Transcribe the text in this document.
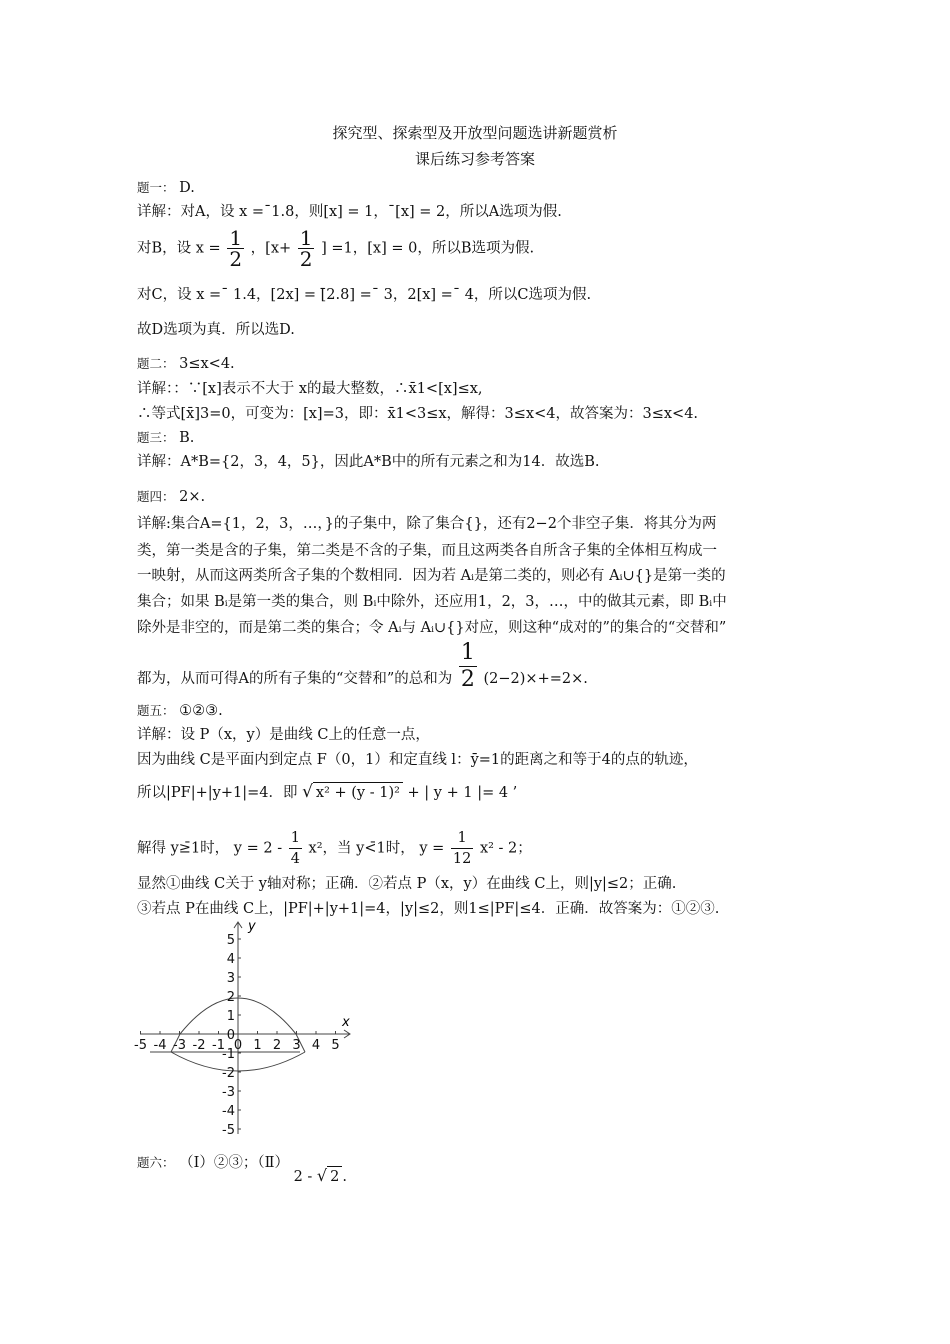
探究型、探索型及开放型问题选讲新题赏析
课后练习参考答案
题一： D.
详解：对A，设 x =¯1.8，则[x] = 1，¯[x] = 2，所以A选项为假.
对B，设 $x = \frac{1}{2}$ ，[$x+ \frac{1}{2}$ ] =1，[x] = 0，所以B选项为假.
对C，设 x =¯ 1.4，[2x] = [̄2.8] =¯ 3，2[x] =¯ 4，所以C选项为假.
故D选项为真．所以选D.
题二： 3≤x<4.
详解：：∵[x]表示不大于 x的最大整数，∴x̄1<[x]≤x,
∴等式[x̄]3=0，可变为：[x]=3，即：x̄1<3≤x，解得：3≤x<4，故答案为：3≤x<4.
题三： B.
详解：A*B={2，3，4，5}，因此A*B中的所有元素之和为14．故选B.
题四： 2×.
详解:集合A={1，2，3，…，}的子集中，除了集合{}，还有2−2个非空子集．将其分为两
类，第一类是含的子集，第二类是不含的子集，而且这两类各自所含子集的全体相互构成一
一映射，从而这两类所含子集的个数相同．因为若 Aᵢ是第二类的，则必有 Aᵢ∪{}是第一类的
集合；如果 Bᵢ是第一类的集合，则 Bᵢ中除外，还应用1，2，3，…，中的做其元素，即 Bᵢ中
除外是非空的，而是第二类的集合；令 Aᵢ与 Aᵢ∪{}对应，则这种“成对的”的集合的“交替和”
都为，从而可得A的所有子集的“交替和”的总和为 $\frac{1}{2} (2-2)\times+=2\times$.
题五： ①②③.
详解：设 P（x，y）是曲线 C上的任意一点，
因为曲线 C是平面内到定点 F（0，1）和定直线 l：ȳ=1的距离之和等于4的点的轨迹，
所以|PF|+|y+1|=4．即 √ x² + (y - 1)² + | y + 1 |= 4 ’
解得 y≥̄1时， $y = 2 - \frac{1}{4} x^2$，当 y<̄1时， $y = \frac{1}{12} x^2 - 2$；
显然①曲线 C关于 y轴对称；正确．②若点 P（x，y）在曲线 C上，则|y|≤2；正确.
③若点 P在曲线 C上，|PF|+|y+1|=4，|y|≤2，则1≤|PF|≤4．正确．故答案为：①②③.
-5 -4 -3 -2 -1 0 1 2 3 4 5
5
4
3
2
1
0
-1
-2
-3
-4
-5
x
y
题六： （Ⅰ）②③；（Ⅱ） 2 - √ 2 .
